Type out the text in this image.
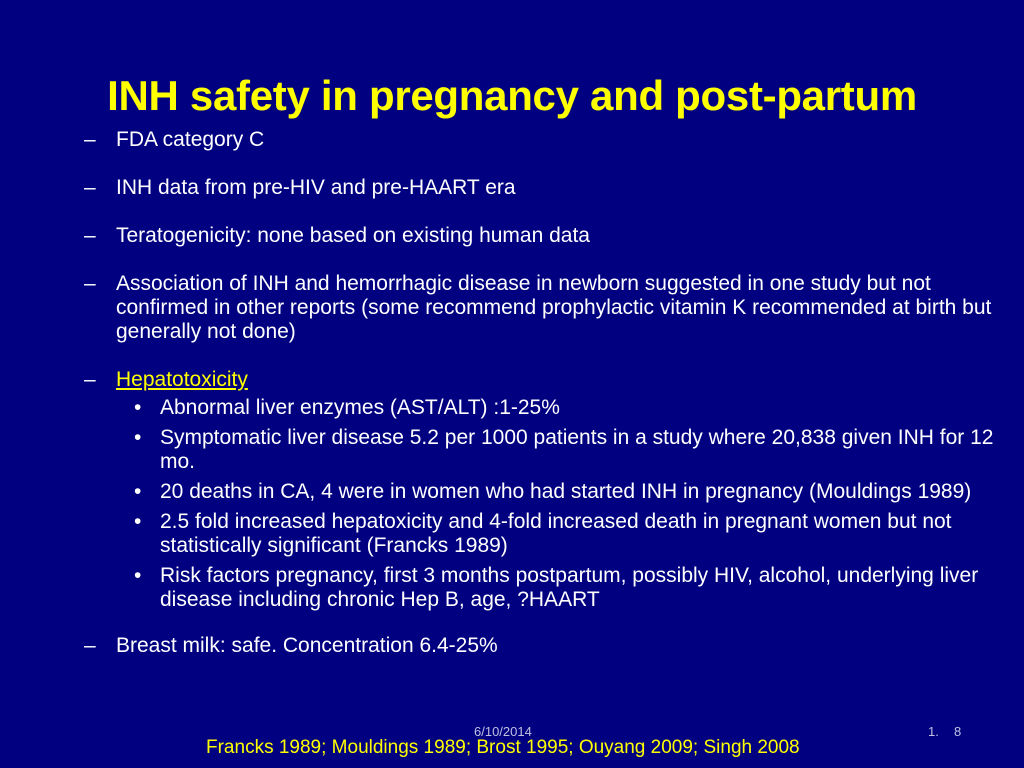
INH safety in pregnancy and post-partum
– FDA category C
– INH data from pre-HIV and pre-HAART era
– Teratogenicity: none based on existing human data
– Association of INH and hemorrhagic disease in newborn suggested in one study but not confirmed in other reports (some recommend prophylactic vitamin K recommended at birth but generally not done)
– Hepatotoxicity
• Abnormal liver enzymes (AST/ALT) :1-25%
• Symptomatic liver disease 5.2 per 1000 patients in a study where 20,838 given INH for 12 mo.
• 20 deaths in CA, 4 were in women who had started INH in pregnancy (Mouldings 1989)
• 2.5 fold increased hepatoxicity and 4-fold increased death in pregnant women but not statistically significant (Francks 1989)
• Risk factors pregnancy, first 3 months postpartum, possibly HIV, alcohol, underlying liver disease including chronic Hep B, age, ?HAART
– Breast milk: safe. Concentration 6.4-25%
6/10/2014	1. 8
Francks 1989; Mouldings 1989; Brost 1995; Ouyang 2009; Singh 2008
